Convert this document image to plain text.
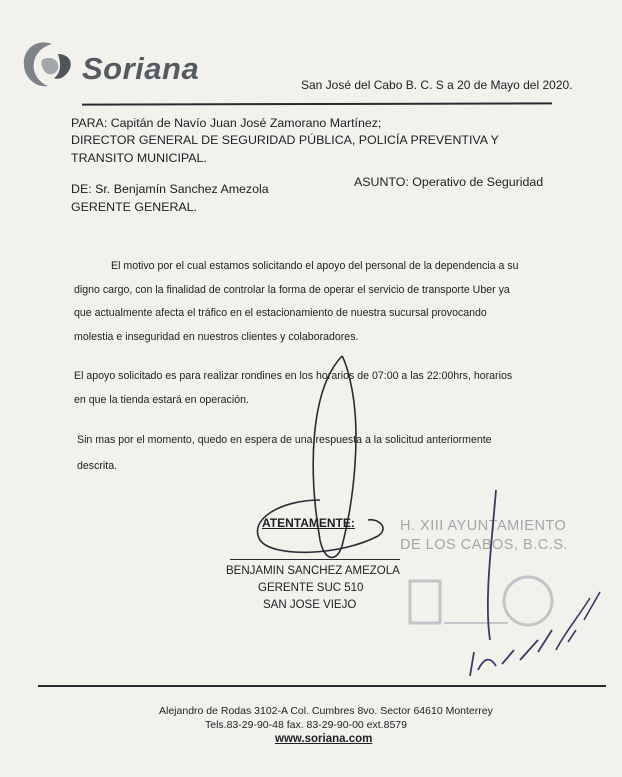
Soriana	San José del Cabo B. C. S a 20 de Mayo del 2020.
PARA: Capitán de Navío Juan José Zamorano Martínez;
DIRECTOR GENERAL DE SEGURIDAD PÚBLICA, POLICÍA PREVENTIVA Y
TRANSITO MUNICIPAL.
DE: Sr. Benjamín Sanchez Amezola
GERENTE GENERAL.
ASUNTO: Operativo de Seguridad
El motivo por el cual estamos solicitando el apoyo del personal de la dependencia a su
digno cargo, con la finalidad de controlar la forma de operar el servicio de transporte Uber ya
que actualmente afecta el tráfico en el estacionamiento de nuestra sucursal provocando
molestia e inseguridad en nuestros clientes y colaboradores.
El apoyo solicitado es para realizar rondines en los horarios de 07:00 a las 22:00hrs, horarios
en que la tienda estará en operación.
Sin mas por el momento, quedo en espera de una respuesta a la solicitud anteriormente
descrita.
ATENTAMENTE:
BENJAMIN SANCHEZ AMEZOLA
GERENTE SUC 510
SAN JOSE VIEJO
H. XIII AYUNTAMIENTO
DE LOS CABOS, B.C.S.
Alejandro de Rodas 3102-A Col. Cumbres 8vo. Sector 64610 Monterrey
Tels.83-29-90-48 fax. 83-29-90-00 ext.8579
www.soriana.com
